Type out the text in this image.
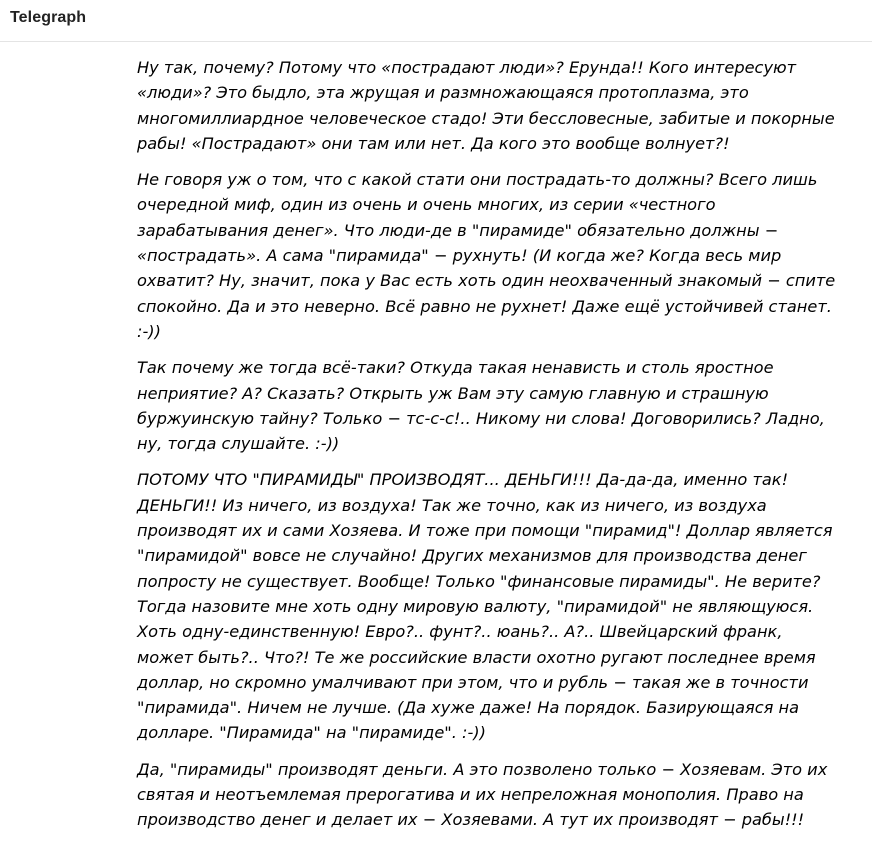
Telegraph

Ну так, почему? Потому что «пострадают люди»? Ерунда!! Кого интересуют «люди»? Это быдло, эта жрущая и размножающаяся протоплазма, это многомиллиардное человеческое стадо! Эти бессловесные, забитые и покорные рабы! «Пострадают» они там или нет. Да кого это вообще волнует?!

Не говоря уж о том, что с какой стати они пострадать-то должны? Всего лишь очередной миф, один из очень и очень многих, из серии «честного зарабатывания денег». Что люди-де в "пирамиде" обязательно должны − «пострадать». А сама "пирамида" − рухнуть! (И когда же? Когда весь мир охватит? Ну, значит, пока у Вас есть хоть один неохваченный знакомый − спите спокойно. Да и это неверно. Всё равно не рухнет! Даже ещё устойчивей станет. :-))

Так почему же тогда всё-таки? Откуда такая ненависть и столь яростное неприятие? А? Сказать? Открыть уж Вам эту самую главную и страшную буржуинскую тайну? Только − тс-с-с!.. Никому ни слова! Договорились? Ладно, ну, тогда слушайте. :-))

ПОТОМУ ЧТО "ПИРАМИДЫ" ПРОИЗВОДЯТ... ДЕНЬГИ!!! Да-да-да, именно так! ДЕНЬГИ!! Из ничего, из воздуха! Так же точно, как из ничего, из воздуха производят их и сами Хозяева. И тоже при помощи "пирамид"! Доллар является "пирамидой" вовсе не случайно! Других механизмов для производства денег попросту не существует. Вообще! Только "финансовые пирамиды". Не верите? Тогда назовите мне хоть одну мировую валюту, "пирамидой" не являющуюся. Хоть одну-единственную! Евро?.. фунт?.. юань?.. А?.. Швейцарский франк, может быть?.. Что?! Те же российские власти охотно ругают последнее время доллар, но скромно умалчивают при этом, что и рубль − такая же в точности "пирамида". Ничем не лучше. (Да хуже даже! На порядок. Базирующаяся на долларе. "Пирамида" на "пирамиде". :-))

Да, "пирамиды" производят деньги. А это позволено только − Хозяевам. Это их святая и неотъемлемая прерогатива и их непреложная монополия. Право на производство денег и делает их − Хозяевами. А тут их производят − рабы!!!
